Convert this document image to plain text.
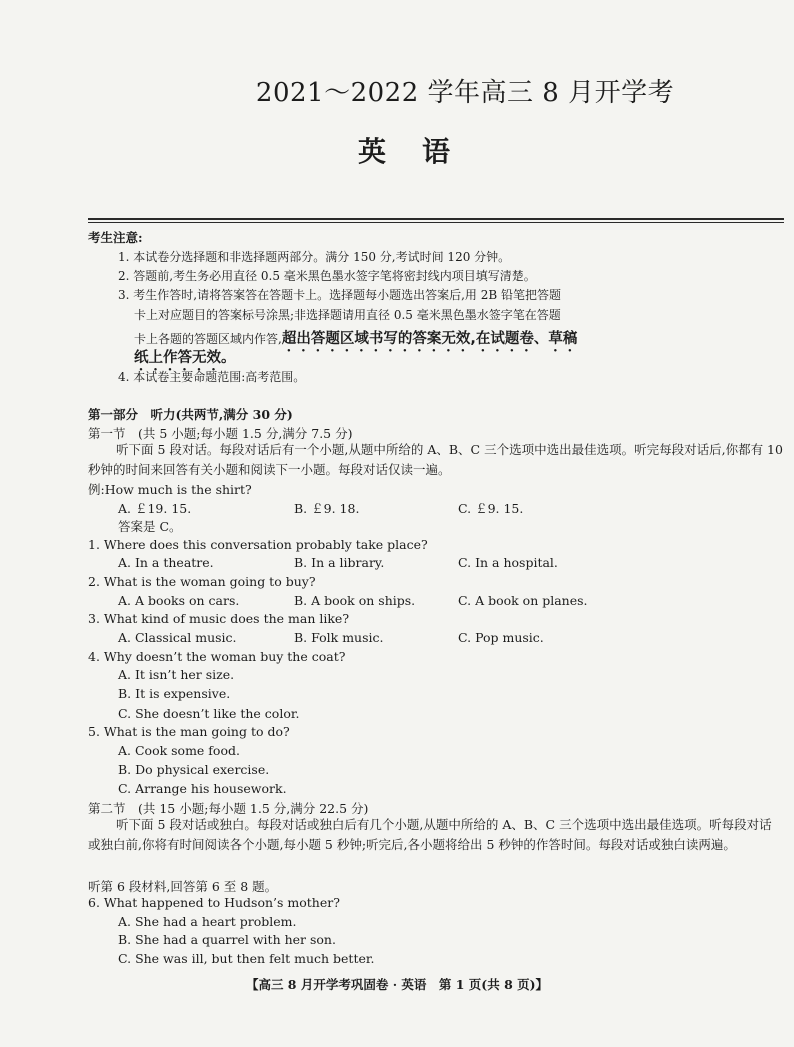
2021～2022 学年高三 8 月开学考
英语
考生注意:
1. 本试卷分选择题和非选择题两部分。满分 150 分,考试时间 120 分钟。
2. 答题前,考生务必用直径 0.5 毫米黑色墨水签字笔将密封线内项目填写清楚。
3. 考生作答时,请将答案答在答题卡上。选择题每小题选出答案后,用 2B 铅笔把答题
卡上对应题目的答案标号涂黑;非选择题请用直径 0.5 毫米黑色墨水签字笔在答题
卡上各题的答题区域内作答,超出答题区域书写的答案无效,在试题卷、草稿
纸上作答无效。
4. 本试卷主要命题范围:高考范围。
第一部分　听力(共两节,满分 30 分)
第一节　(共 5 小题;每小题 1.5 分,满分 7.5 分)
听下面 5 段对话。每段对话后有一个小题,从题中所给的 A、B、C 三个选项中选出最佳选项。听完每段对话后,你都有 10 秒钟的时间来回答有关小题和阅读下一小题。每段对话仅读一遍。
例:How much is the shirt?
A. ￡19. 15.	B. ￡9. 18.	C. ￡9. 15.
答案是 C。
1. Where does this conversation probably take place?
A. In a theatre.	B. In a library.	C. In a hospital.
2. What is the woman going to buy?
A. A books on cars.	B. A book on ships.	C. A book on planes.
3. What kind of music does the man like?
A. Classical music.	B. Folk music.	C. Pop music.
4. Why doesn’t the woman buy the coat?
A. It isn’t her size.
B. It is expensive.
C. She doesn’t like the color.
5. What is the man going to do?
A. Cook some food.
B. Do physical exercise.
C. Arrange his housework.
第二节　(共 15 小题;每小题 1.5 分,满分 22.5 分)
听下面 5 段对话或独白。每段对话或独白后有几个小题,从题中所给的 A、B、C 三个选项中选出最佳选项。听每段对话或独白前,你将有时间阅读各个小题,每小题 5 秒钟;听完后,各小题将给出 5 秒钟的作答时间。每段对话或独白读两遍。
听第 6 段材料,回答第 6 至 8 题。
6. What happened to Hudson’s mother?
A. She had a heart problem.
B. She had a quarrel with her son.
C. She was ill, but then felt much better.
【高三 8 月开学考巩固卷 · 英语　第 1 页(共 8 页)】
